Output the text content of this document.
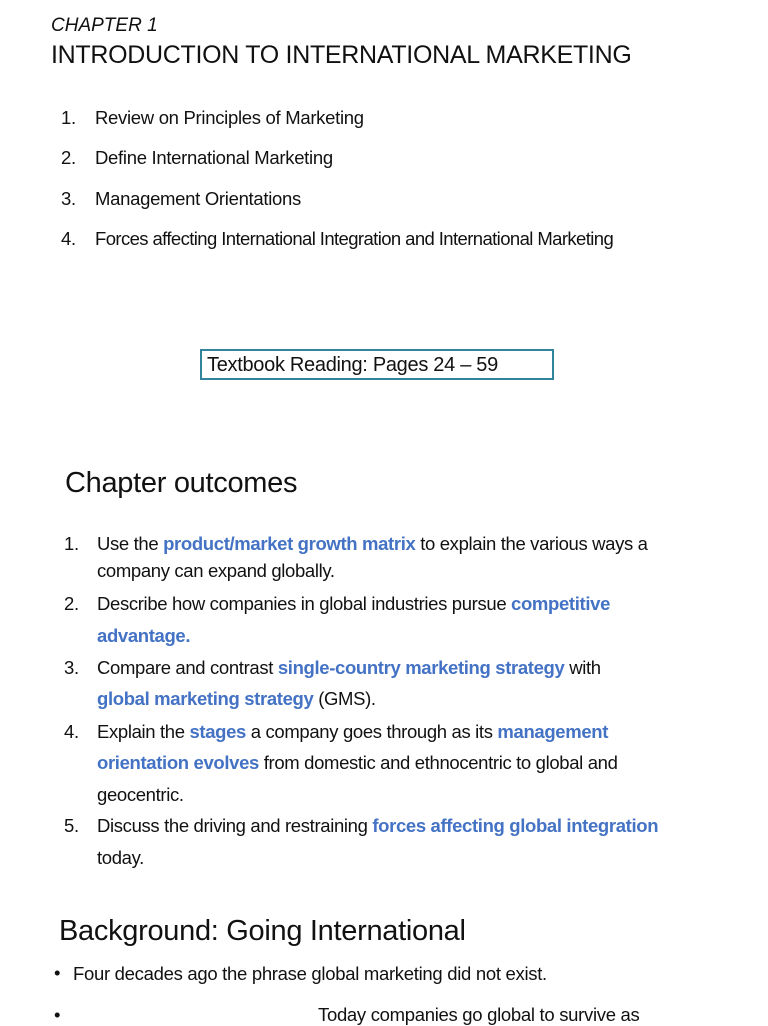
CHAPTER 1
INTRODUCTION TO INTERNATIONAL MARKETING
1. Review on Principles of Marketing
2. Define International Marketing
3. Management Orientations
4. Forces affecting International Integration and International Marketing
Textbook Reading: Pages 24 – 59
Chapter outcomes
1. Use the product/market growth matrix to explain the various ways a
company can expand globally.
2. Describe how companies in global industries pursue competitive
advantage.
3. Compare and contrast single-country marketing strategy with
global marketing strategy (GMS).
4. Explain the stages a company goes through as its management
orientation evolves from domestic and ethnocentric to global and
geocentric.
5. Discuss the driving and restraining forces affecting global integration
today.
Background: Going International
• Four decades ago the phrase global marketing did not exist.
•	Today companies go global to survive as
